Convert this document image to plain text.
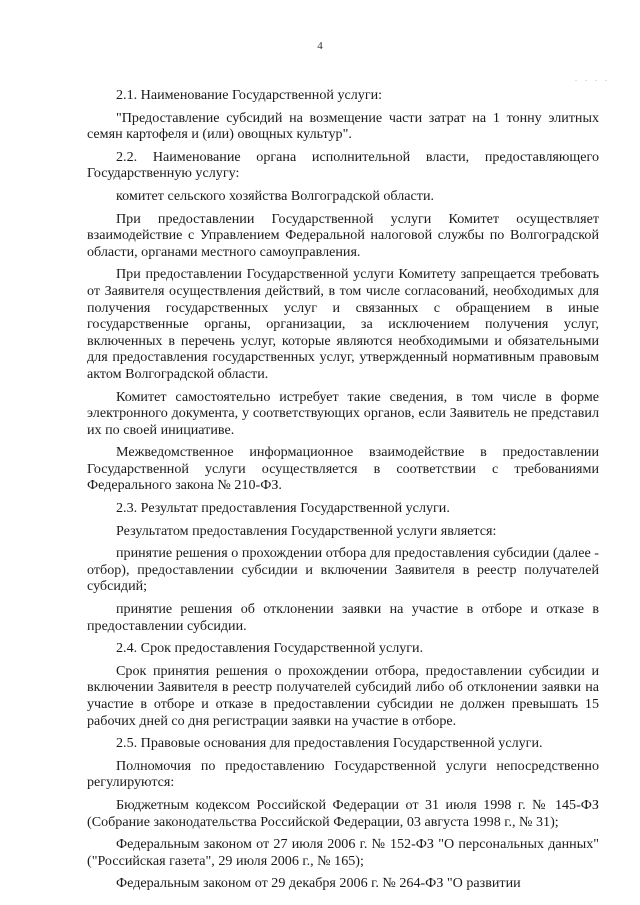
4
. . . .

2.1. Наименование Государственной услуги:

"Предоставление субсидий на возмещение части затрат на 1 тонну элитных семян картофеля и (или) овощных культур".

2.2. Наименование органа исполнительной власти, предоставляющего Государственную услугу:

комитет сельского хозяйства Волгоградской области.

При предоставлении Государственной услуги Комитет осуществляет взаимодействие с Управлением Федеральной налоговой службы по Волгоградской области, органами местного самоуправления.

При предоставлении Государственной услуги Комитету запрещается требовать от Заявителя осуществления действий, в том числе согласований, необходимых для получения государственных услуг и связанных с обращением в иные государственные органы, организации, за исключением получения услуг, включенных в перечень услуг, которые являются необходимыми и обязательными для предоставления государственных услуг, утвержденный нормативным правовым актом Волгоградской области.

Комитет самостоятельно истребует такие сведения, в том числе в форме электронного документа, у соответствующих органов, если Заявитель не представил их по своей инициативе.

Межведомственное информационное взаимодействие в предоставлении Государственной услуги осуществляется в соответствии с требованиями Федерального закона № 210-ФЗ.

2.3. Результат предоставления Государственной услуги.

Результатом предоставления Государственной услуги является:

принятие решения о прохождении отбора для предоставления субсидии (далее - отбор), предоставлении субсидии и включении Заявителя в реестр получателей субсидий;

принятие решения об отклонении заявки на участие в отборе и отказе в предоставлении субсидии.

2.4. Срок предоставления Государственной услуги.

Срок принятия решения о прохождении отбора, предоставлении субсидии и включении Заявителя в реестр получателей субсидий либо об отклонении заявки на участие в отборе и отказе в предоставлении субсидии не должен превышать 15 рабочих дней со дня регистрации заявки на участие в отборе.

2.5. Правовые основания для предоставления Государственной услуги.

Полномочия по предоставлению Государственной услуги непосредственно регулируются:

Бюджетным кодексом Российской Федерации от 31 июля 1998 г. № 145-ФЗ (Собрание законодательства Российской Федерации, 03 августа 1998 г., № 31);

Федеральным законом от 27 июля 2006 г. № 152-ФЗ "О персональных данных" ("Российская газета", 29 июля 2006 г., № 165);

Федеральным законом от 29 декабря 2006 г. № 264-ФЗ "О развитии
